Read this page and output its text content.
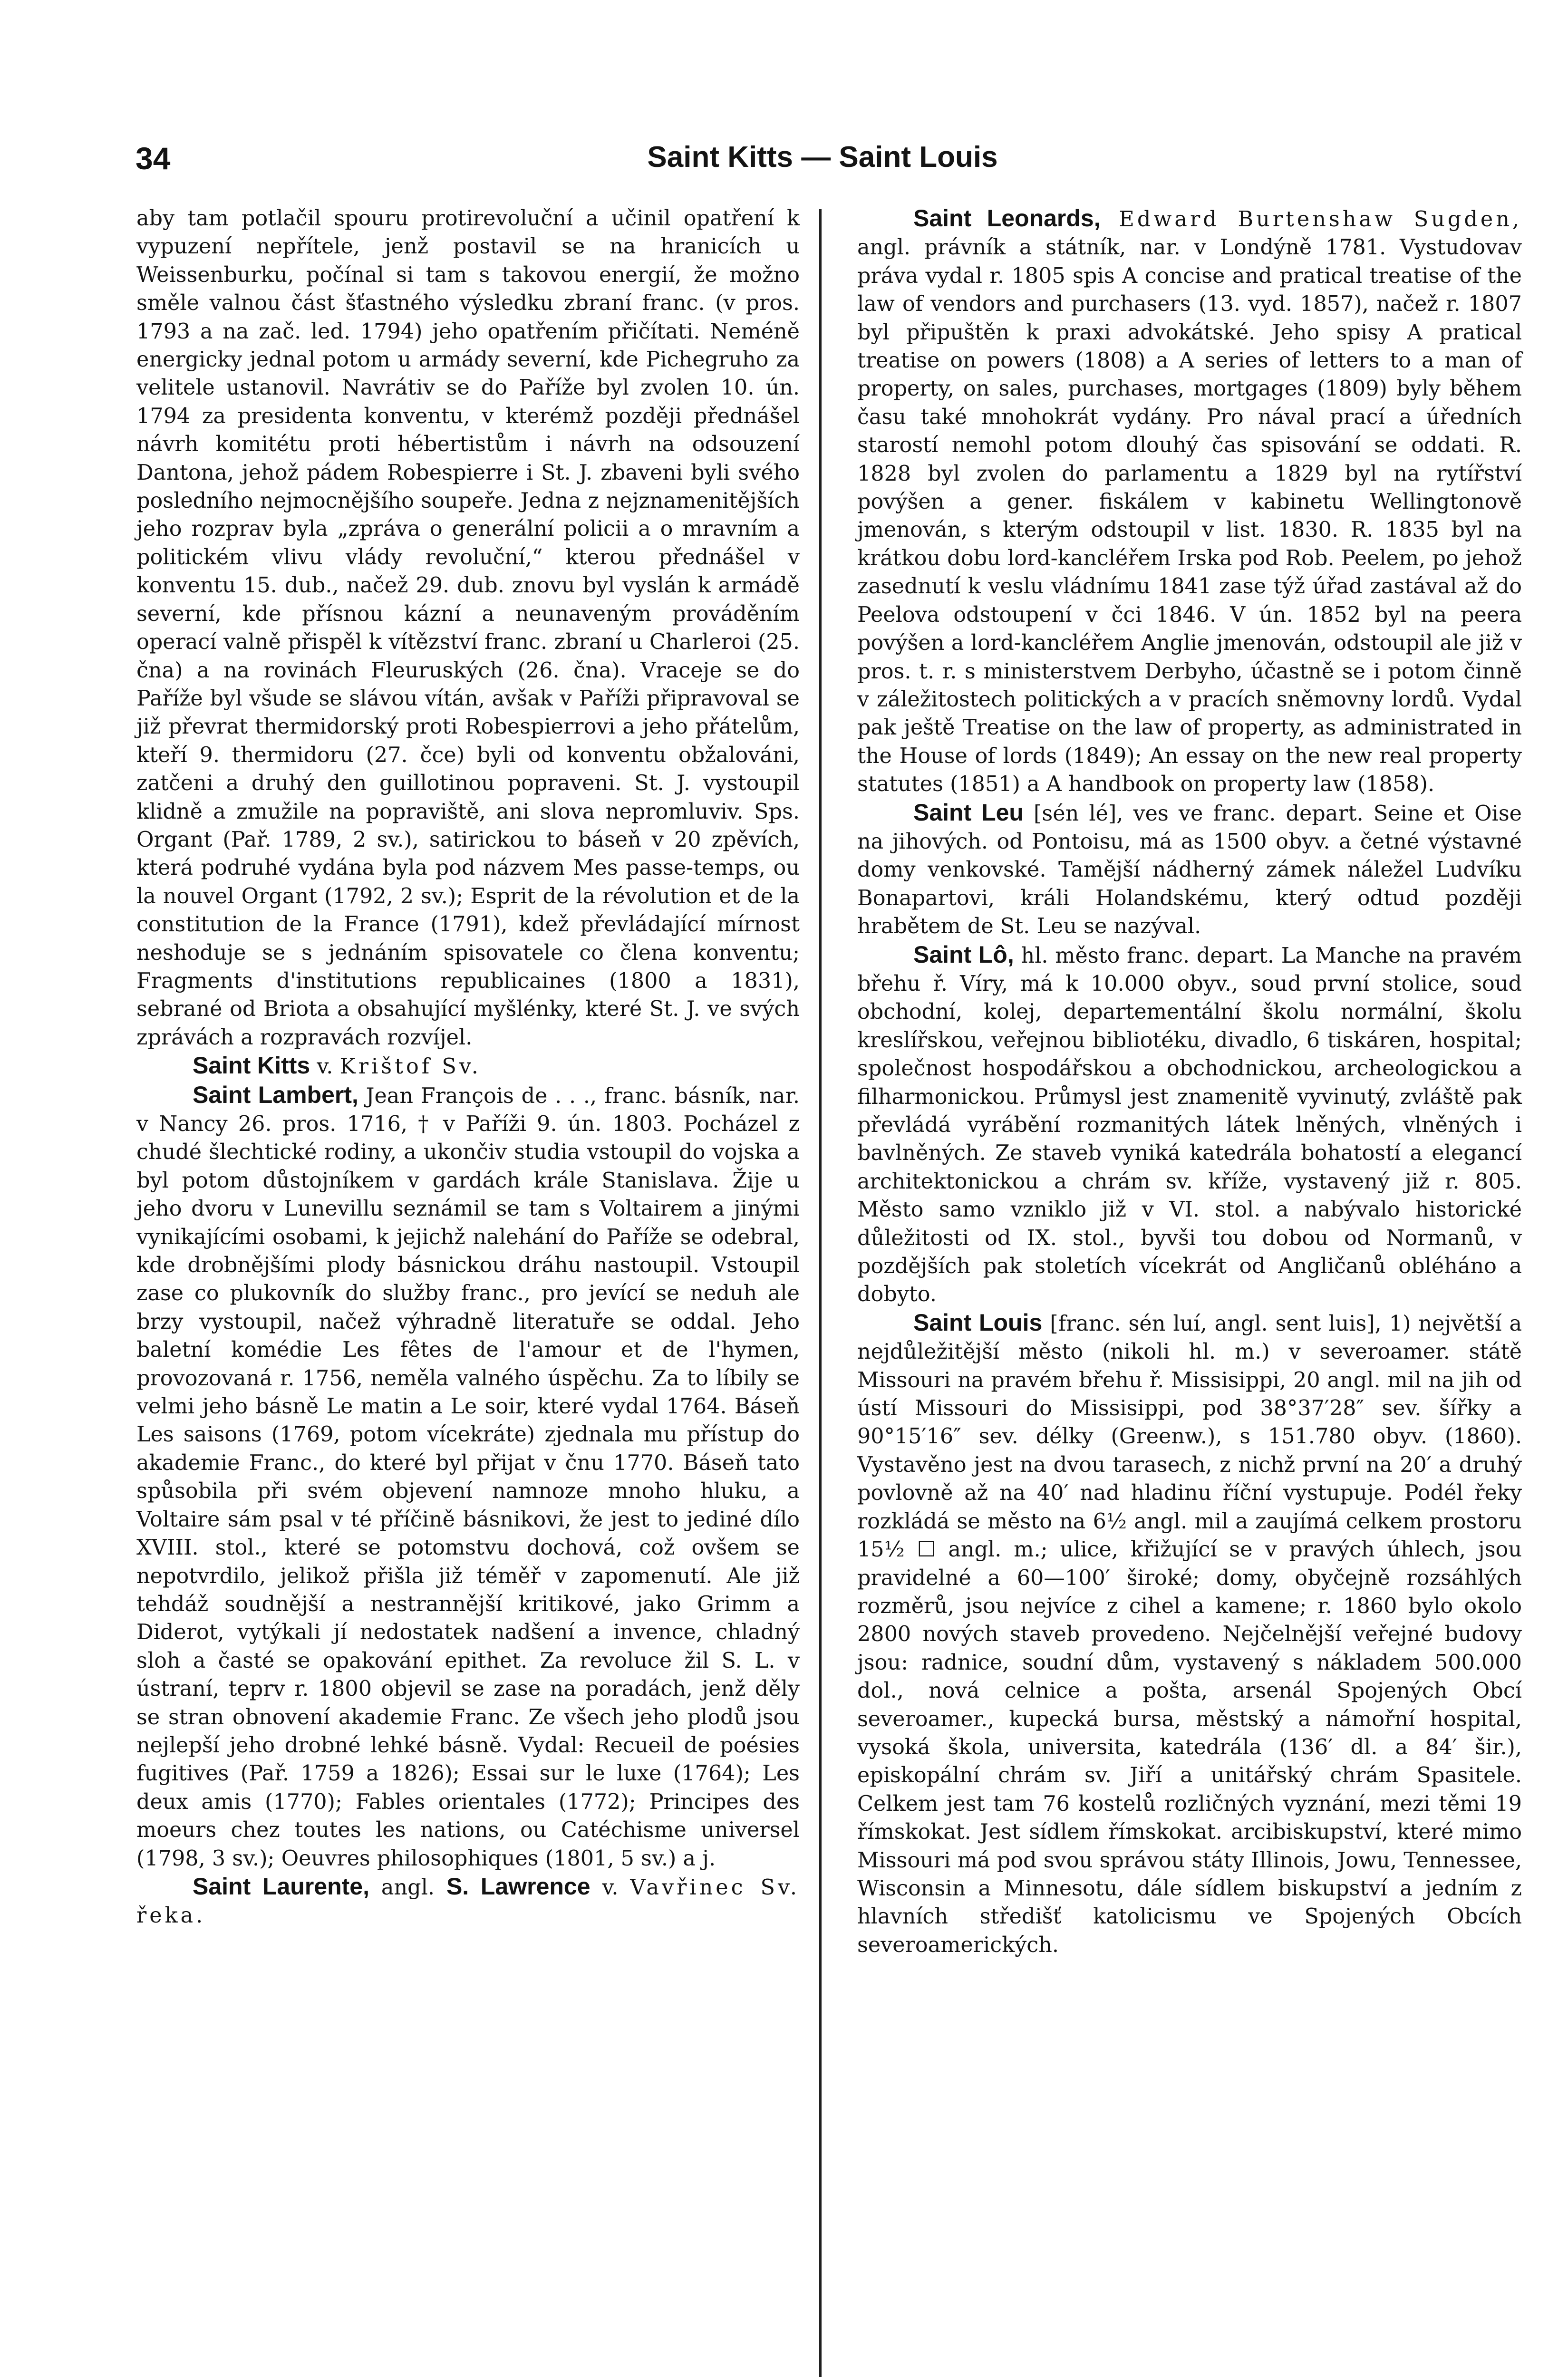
34	Saint Kitts — Saint Louis

aby tam potlačil spouru protirevoluční a učinil opatření k vypuzení nepřítele, jenž postavil se na hranicích u Weissenburku, počínal si tam s takovou energií, že možno směle valnou část šťastného výsledku zbraní franc. (v pros. 1793 a na zač. led. 1794) jeho opatřením přičítati. Neméně energicky jednal potom u armády severní, kde Pichegruho za velitele ustanovil. Navrátiv se do Paříže byl zvolen 10. ún. 1794 za presidenta konventu, v kterémž později přednášel návrh komitétu proti hébertistům i návrh na odsouzení Dantona, jehož pádem Robespierre i St. J. zbaveni byli svého posledního nejmocnějšího soupeře. Jedna z nejznamenitějších jeho rozprav byla „zpráva o generální policii a o mravním a politickém vlivu vlády revoluční,“ kterou přednášel v konventu 15. dub., načež 29. dub. znovu byl vyslán k armádě severní, kde přísnou kázní a neunaveným prováděním operací valně přispěl k vítězství franc. zbraní u Charleroi (25. čna) a na rovinách Fleuruských (26. čna). Vraceje se do Paříže byl všude se slávou vítán, avšak v Paříži připravoval se již převrat thermidorský proti Robespierrovi a jeho přátelům, kteří 9. thermidoru (27. čce) byli od konventu obžalováni, zatčeni a druhý den guillotinou popraveni. St. J. vystoupil klidně a zmužile na popraviště, ani slova nepromluviv. Sps. Organt (Pař. 1789, 2 sv.), satirickou to báseň v 20 zpěvích, která podruhé vydána byla pod názvem Mes passe-temps, ou la nouvel Organt (1792, 2 sv.); Esprit de la révolution et de la constitution de la France (1791), kdež převládající mírnost neshoduje se s jednáním spisovatele co člena konventu; Fragments d'institutions republicaines (1800 a 1831), sebrané od Briota a obsahující myšlénky, které St. J. ve svých zprávách a rozpravách rozvíjel.

Saint Kitts v. Krištof Sv.

Saint Lambert, Jean François de . . ., franc. básník, nar. v Nancy 26. pros. 1716, † v Paříži 9. ún. 1803. Pocházel z chudé šlechtické rodiny, a ukončiv studia vstoupil do vojska a byl potom důstojníkem v gardách krále Stanislava. Žije u jeho dvoru v Lunevillu seznámil se tam s Voltairem a jinými vynikajícími osobami, k jejichž nalehání do Paříže se odebral, kde drobnějšími plody básnickou dráhu nastoupil. Vstoupil zase co plukovník do služby franc., pro jevící se neduh ale brzy vystoupil, načež výhradně literatuře se oddal. Jeho baletní komédie Les fêtes de l'amour et de l'hymen, provozovaná r. 1756, neměla valného úspěchu. Za to líbily se velmi jeho básně Le matin a Le soir, které vydal 1764. Báseň Les saisons (1769, potom vícekráte) zjednala mu přístup do akademie Franc., do které byl přijat v čnu 1770. Báseň tato spůsobila při svém objevení namnoze mnoho hluku, a Voltaire sám psal v té příčině básnikovi, že jest to jediné dílo XVIII. stol., které se potomstvu dochová, což ovšem se nepotvrdilo, jelikož přišla již téměř v zapomenutí. Ale již tehdáž soudnější a nestrannější kritikové, jako Grimm a Diderot, vytýkali jí nedostatek nadšení a invence, chladný sloh a časté se opakování epithet. Za revoluce žil S. L. v ústraní, teprv r. 1800 objevil se zase na poradách, jenž děly se stran obnovení akademie Franc. Ze všech jeho plodů jsou nejlepší jeho drobné lehké básně. Vydal: Recueil de poésies fugitives (Pař. 1759 a 1826); Essai sur le luxe (1764); Les deux amis (1770); Fables orientales (1772); Principes des moeurs chez toutes les nations, ou Catéchisme universel (1798, 3 sv.); Oeuvres philosophiques (1801, 5 sv.) a j.

Saint Laurente, angl. S. Lawrence v. Vavřinec Sv. řeka.

Saint Leonards, Edward Burtenshaw Sugden, angl. právník a státník, nar. v Londýně 1781. Vystudovav práva vydal r. 1805 spis A concise and pratical treatise of the law of vendors and purchasers (13. vyd. 1857), načež r. 1807 byl připuštěn k praxi advokátské. Jeho spisy A pratical treatise on powers (1808) a A series of letters to a man of property, on sales, purchases, mortgages (1809) byly během času také mnohokrát vydány. Pro nával prací a úředních starostí nemohl potom dlouhý čas spisování se oddati. R. 1828 byl zvolen do parlamentu a 1829 byl na rytířství povýšen a gener. fiskálem v kabinetu Wellingtonově jmenován, s kterým odstoupil v list. 1830. R. 1835 byl na krátkou dobu lord-kancléřem Irska pod Rob. Peelem, po jehož zasednutí k veslu vládnímu 1841 zase týž úřad zastával až do Peelova odstoupení v čci 1846. V ún. 1852 byl na peera povýšen a lord-kancléřem Anglie jmenován, odstoupil ale již v pros. t. r. s ministerstvem Derbyho, účastně se i potom činně v záležitostech politických a v pracích sněmovny lordů. Vydal pak ještě Treatise on the law of property, as administrated in the House of lords (1849); An essay on the new real property statutes (1851) a A handbook on property law (1858).

Saint Leu [sén lé], ves ve franc. depart. Seine et Oise na jihových. od Pontoisu, má as 1500 obyv. a četné výstavné domy venkovské. Tamější nádherný zámek náležel Ludvíku Bonapartovi, králi Holandskému, který odtud později hrabětem de St. Leu se nazýval.

Saint Lô, hl. město franc. depart. La Manche na pravém břehu ř. Víry, má k 10.000 obyv., soud první stolice, soud obchodní, kolej, departementální školu normální, školu kreslířskou, veřejnou bibliotéku, divadlo, 6 tiskáren, hospital; společnost hospodářskou a obchodnickou, archeologickou a filharmonickou. Průmysl jest znamenitě vyvinutý, zvláště pak převládá vyrábění rozmanitých látek lněných, vlněných i bavlněných. Ze staveb vyniká katedrála bohatostí a elegancí architektonickou a chrám sv. kříže, vystavený již r. 805. Město samo vzniklo již v VI. stol. a nabývalo historické důležitosti od IX. stol., byvši tou dobou od Normanů, v pozdějších pak stoletích vícekrát od Angličanů obléháno a dobyto.

Saint Louis [franc. sén luí, angl. sent luis], 1) největší a nejdůležitější město (nikoli hl. m.) v severoamer. státě Missouri na pravém břehu ř. Missisippi, 20 angl. mil na jih od ústí Missouri do Missisippi, pod 38°37′28″ sev. šířky a 90°15′16″ sev. délky (Greenw.), s 151.780 obyv. (1860). Vystavěno jest na dvou tarasech, z nichž první na 20′ a druhý povlovně až na 40′ nad hladinu říční vystupuje. Podél řeky rozkládá se město na 6½ angl. mil a zaujímá celkem prostoru 15½ ☐ angl. m.; ulice, křižující se v pravých úhlech, jsou pravidelné a 60—100′ široké; domy, obyčejně rozsáhlých rozměrů, jsou nejvíce z cihel a kamene; r. 1860 bylo okolo 2800 nových staveb provedeno. Nejčelnější veřejné budovy jsou: radnice, soudní dům, vystavený s nákladem 500.000 dol., nová celnice a pošta, arsenál Spojených Obcí severoamer., kupecká bursa, městský a námořní hospital, vysoká škola, universita, katedrála (136′ dl. a 84′ šir.), episkopální chrám sv. Jiří a unitářský chrám Spasitele. Celkem jest tam 76 kostelů rozličných vyznání, mezi těmi 19 římskokat. Jest sídlem římskokat. arcibiskupství, které mimo Missouri má pod svou správou státy Illinois, Jowu, Tennessee, Wisconsin a Minnesotu, dále sídlem biskupství a jedním z hlavních středišť katolicismu ve Spojených Obcích severoamerických.
